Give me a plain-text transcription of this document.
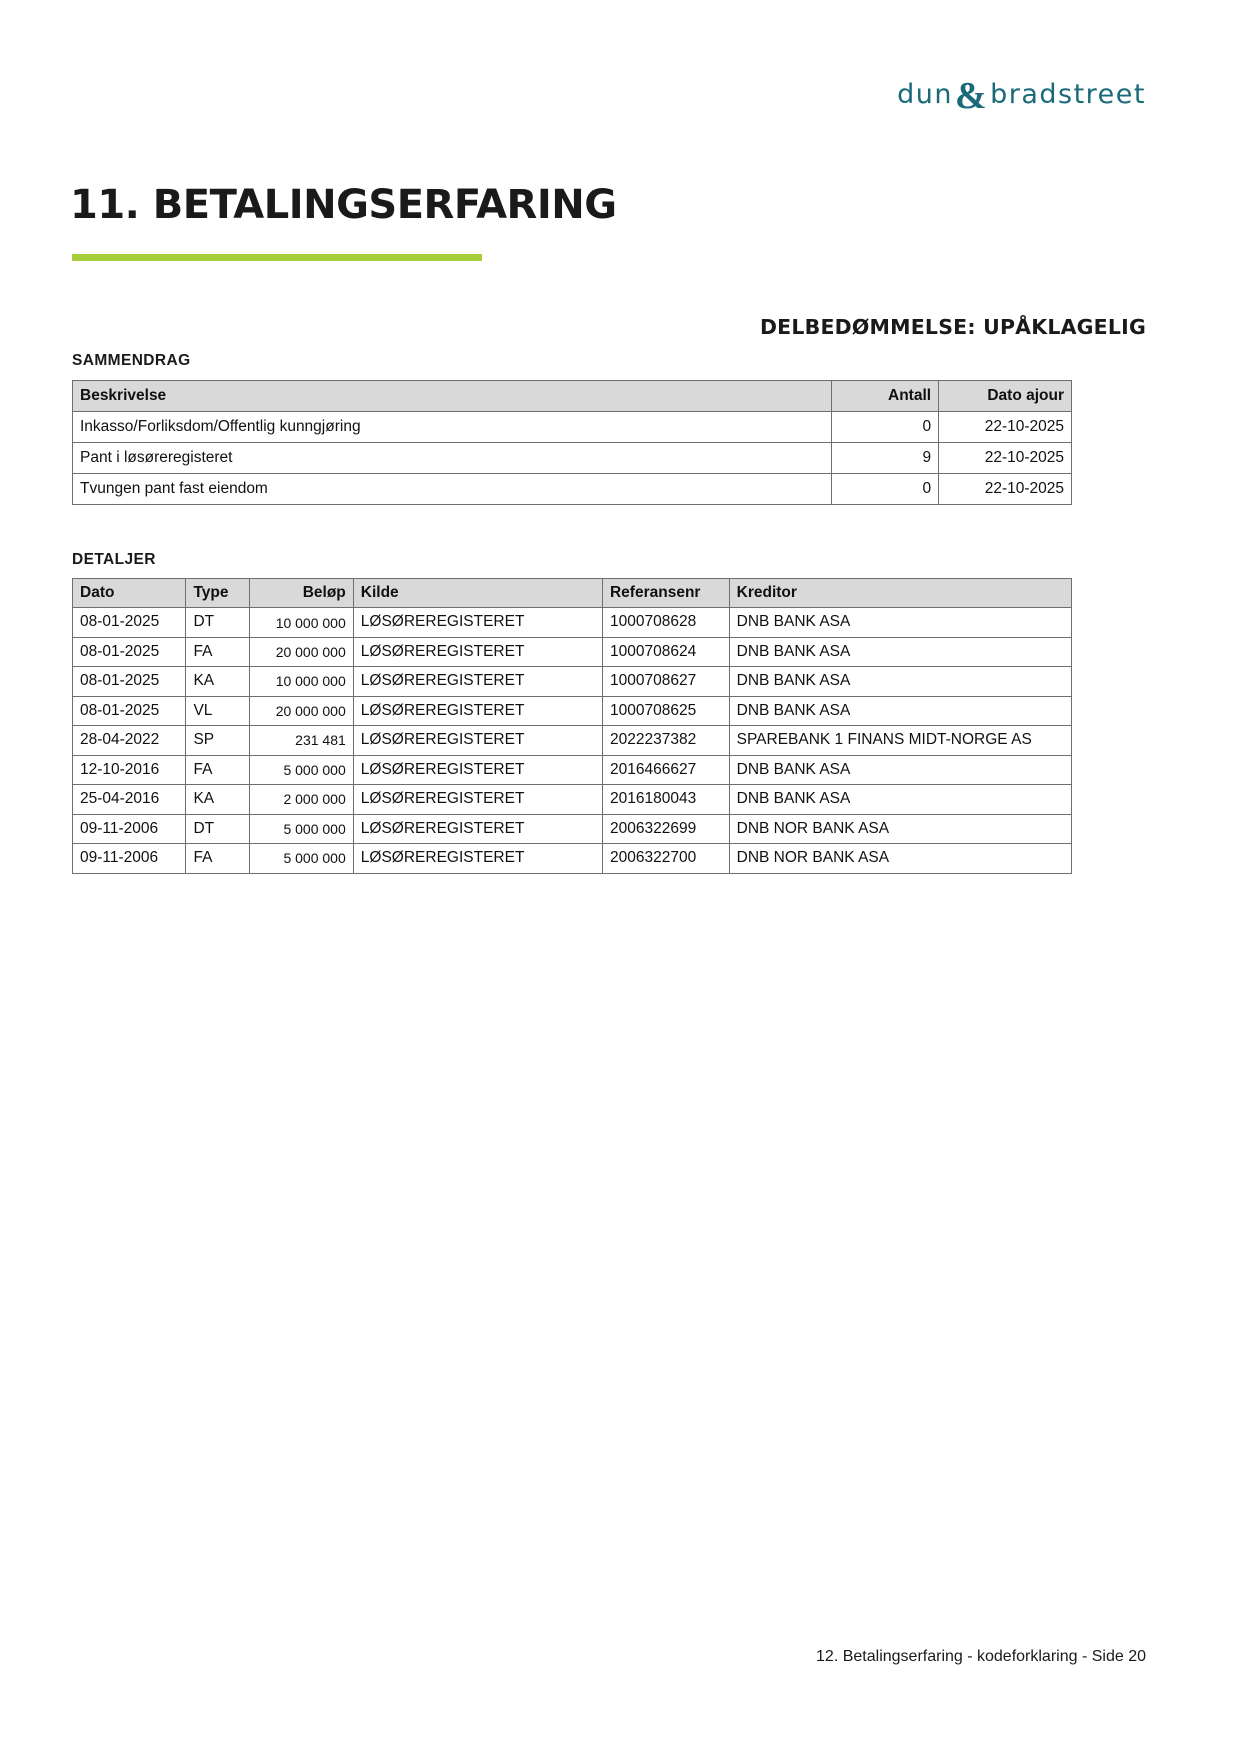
dun & bradstreet
11. BETALINGSERFARING
DELBEDØMMELSE: UPÅKLAGELIG
SAMMENDRAG
Beskrivelse	Antall	Dato ajour
Inkasso/Forliksdom/Offentlig kunngjøring	0	22-10-2025
Pant i løsøreregisteret	9	22-10-2025
Tvungen pant fast eiendom	0	22-10-2025
DETALJER
Dato	Type	Beløp	Kilde	Referansenr	Kreditor
08-01-2025	DT	10 000 000	LØSØREREGISTERET	1000708628	DNB BANK ASA
08-01-2025	FA	20 000 000	LØSØREREGISTERET	1000708624	DNB BANK ASA
08-01-2025	KA	10 000 000	LØSØREREGISTERET	1000708627	DNB BANK ASA
08-01-2025	VL	20 000 000	LØSØREREGISTERET	1000708625	DNB BANK ASA
28-04-2022	SP	231 481	LØSØREREGISTERET	2022237382	SPAREBANK 1 FINANS MIDT-NORGE AS
12-10-2016	FA	5 000 000	LØSØREREGISTERET	2016466627	DNB BANK ASA
25-04-2016	KA	2 000 000	LØSØREREGISTERET	2016180043	DNB BANK ASA
09-11-2006	DT	5 000 000	LØSØREREGISTERET	2006322699	DNB NOR BANK ASA
09-11-2006	FA	5 000 000	LØSØREREGISTERET	2006322700	DNB NOR BANK ASA
12. Betalingserfaring - kodeforklaring - Side 20
